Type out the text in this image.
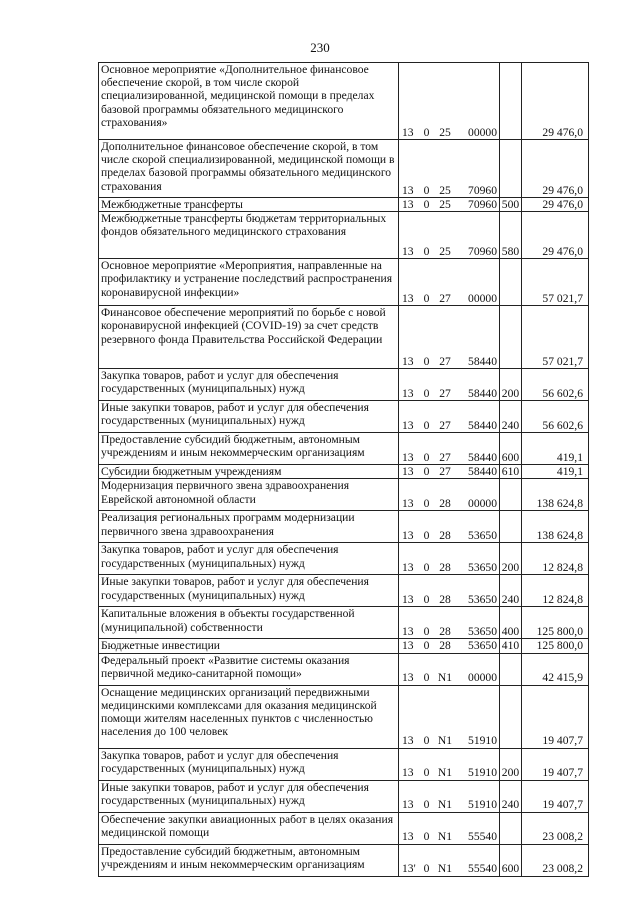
230
Основное мероприятие «Дополнительное финансовое обеспечение скорой, в том числе скорой специализированной, медицинской помощи в пределах базовой программы обязательного медицинского страхования»	13 0 25 00000		29 476,0
Дополнительное финансовое обеспечение скорой, в том числе скорой специализированной, медицинской помощи в пределах базовой программы обязательного медицинского страхования	13 0 25 70960		29 476,0
Межбюджетные трансферты	13 0 25 70960	500	29 476,0
Межбюджетные трансферты бюджетам территориальных фондов обязательного медицинского страхования	13 0 25 70960	580	29 476,0
Основное мероприятие «Мероприятия, направленные на профилактику и устранение последствий распространения коронавирусной инфекции»	13 0 27 00000		57 021,7
Финансовое обеспечение мероприятий по борьбе с новой коронавирусной инфекцией (COVID-19) за счет средств резервного фонда Правительства Российской Федерации	13 0 27 58440		57 021,7
Закупка товаров, работ и услуг для обеспечения государственных (муниципальных) нужд	13 0 27 58440	200	56 602,6
Иные закупки товаров, работ и услуг для обеспечения государственных (муниципальных) нужд	13 0 27 58440	240	56 602,6
Предоставление субсидий бюджетным, автономным учреждениям и иным некоммерческим организациям	13 0 27 58440	600	419,1
Субсидии бюджетным учреждениям	13 0 27 58440	610	419,1
Модернизация первичного звена здравоохранения Еврейской автономной области	13 0 28 00000		138 624,8
Реализация региональных программ модернизации первичного звена здравоохранения	13 0 28 53650		138 624,8
Закупка товаров, работ и услуг для обеспечения государственных (муниципальных) нужд	13 0 28 53650	200	12 824,8
Иные закупки товаров, работ и услуг для обеспечения государственных (муниципальных) нужд	13 0 28 53650	240	12 824,8
Капитальные вложения в объекты государственной (муниципальной) собственности	13 0 28 53650	400	125 800,0
Бюджетные инвестиции	13 0 28 53650	410	125 800,0
Федеральный проект «Развитие системы оказания первичной медико-санитарной помощи»	13 0 N1 00000		42 415,9
Оснащение медицинских организаций передвижными медицинскими комплексами для оказания медицинской помощи жителям населенных пунктов с численностью населения до 100 человек	13 0 N1 51910		19 407,7
Закупка товаров, работ и услуг для обеспечения государственных (муниципальных) нужд	13 0 N1 51910	200	19 407,7
Иные закупки товаров, работ и услуг для обеспечения государственных (муниципальных) нужд	13 0 N1 51910	240	19 407,7
Обеспечение закупки авиационных работ в целях оказания медицинской помощи	13 0 N1 55540		23 008,2
Предоставление субсидий бюджетным, автономным учреждениям и иным некоммерческим организациям	13' 0 N1 55540	600	23 008,2
